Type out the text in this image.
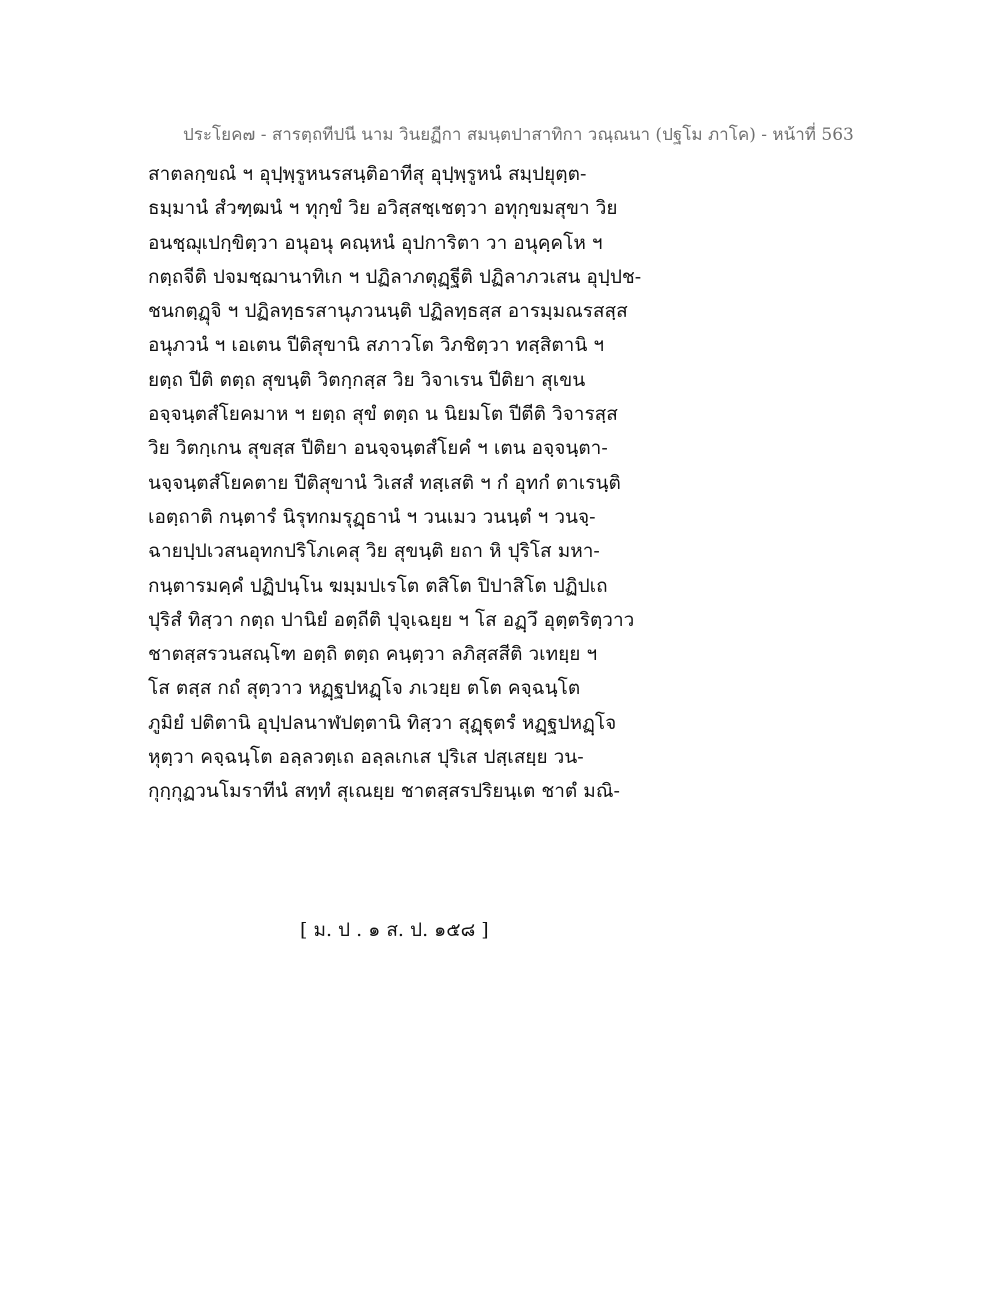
ประโยค๗ - สารตฺถทีปนี นาม วินยฏีกา สมนฺตปาสาทิกา วณฺณนา (ปฐโม ภาโค) - หน้าที่ 563
สาตลกฺขณํ ฯ อุปฺพฺรูหนรสนฺติอาทีสุ อุปฺพฺรูหนํ สมฺปยุตฺต-
ธมฺมานํ สํวฑฺฒนํ ฯ ทุกฺขํ วิย อวิสฺสชฺเชตฺวา อทุกฺขมสุขา วิย
อนชฺฌุเปกฺขิตฺวา อนุอนุ คณฺหนํ อุปการิตา วา อนุคฺคโห ฯ
กตฺถจีติ ปจมชฺฌานาทิเก ฯ ปฏิลาภตุฏฺฐีติ ปฏิลาภวเสน อุปฺปช-
ชนกตฺฏุจิ ฯ ปฏิลทฺธรสานุภวนนฺติ ปฏิลทฺธสฺส อารมฺมณรสสฺส
อนุภวนํ ฯ เอเตน ปีติสุขานิ สภาวโต วิภชิตฺวา ทสฺสิตานิ ฯ
ยตฺถ ปีติ ตตฺถ สุขนฺติ วิตกฺกสฺส วิย วิจาเรน ปีติยา สุเขน
อจฺจนฺตสํโยคมาห ฯ ยตฺถ สุขํ ตตฺถ น นิยมโต ปีตีติ วิจารสฺส
วิย วิตกฺเกน สุขสฺส ปีติยา อนจฺจนฺตสํโยคํ ฯ เตน อจฺจนฺตา-
นจฺจนฺตสํโยคตาย ปีติสุขานํ วิเสสํ ทสฺเสติ ฯ กํ อุทกํ ตาเรนฺติ
เอตฺถาติ กนฺตารํ นิรุทกมรุฏฺธานํ ฯ วนเมว วนนฺตํ ฯ วนจฺ-
ฉายปฺปเวสนอุทกปริโภเคสุ วิย สุขนฺติ ยถา หิ ปุริโส มหา-
กนฺตารมคฺคํ ปฏิปนฺโน ฆมฺมปเรโต ตสิโต ปิปาสิโต ปฏิปเถ
ปุริสํ ทิสฺวา กตฺถ ปานิยํ อตฺถีติ ปุจฺเฉยฺย ฯ โส อฏฺวึ อุตฺตริตฺวาว
ชาตสฺสรวนสณฺโฑ อตฺถิ ตตฺถ คนฺตฺวา ลภิสฺสสีติ วเทยฺย ฯ
โส ตสฺส กถํ สุตฺวาว หฏฺฐปหฏฺโจ ภเวยฺย ตโต คจฺฉนฺโต
ภูมิยํ ปติตานิ อุปฺปลนาฬปตฺตานิ ทิสฺวา สุฏฺฐุตรํ หฏฺฐปหฏฺโจ
หุตฺวา คจฺฉนฺโต อลฺลวตฺเถ อลฺลเกเส ปุริเส ปสฺเสยฺย วน-
กุกฺกุฏวนโมราทีนํ สทฺทํ สุเณยฺย ชาตสฺสรปริยนฺเต ชาตํ มณิ-
[ ม. ป . ๑ ส. ป. ๑๕๘ ]
